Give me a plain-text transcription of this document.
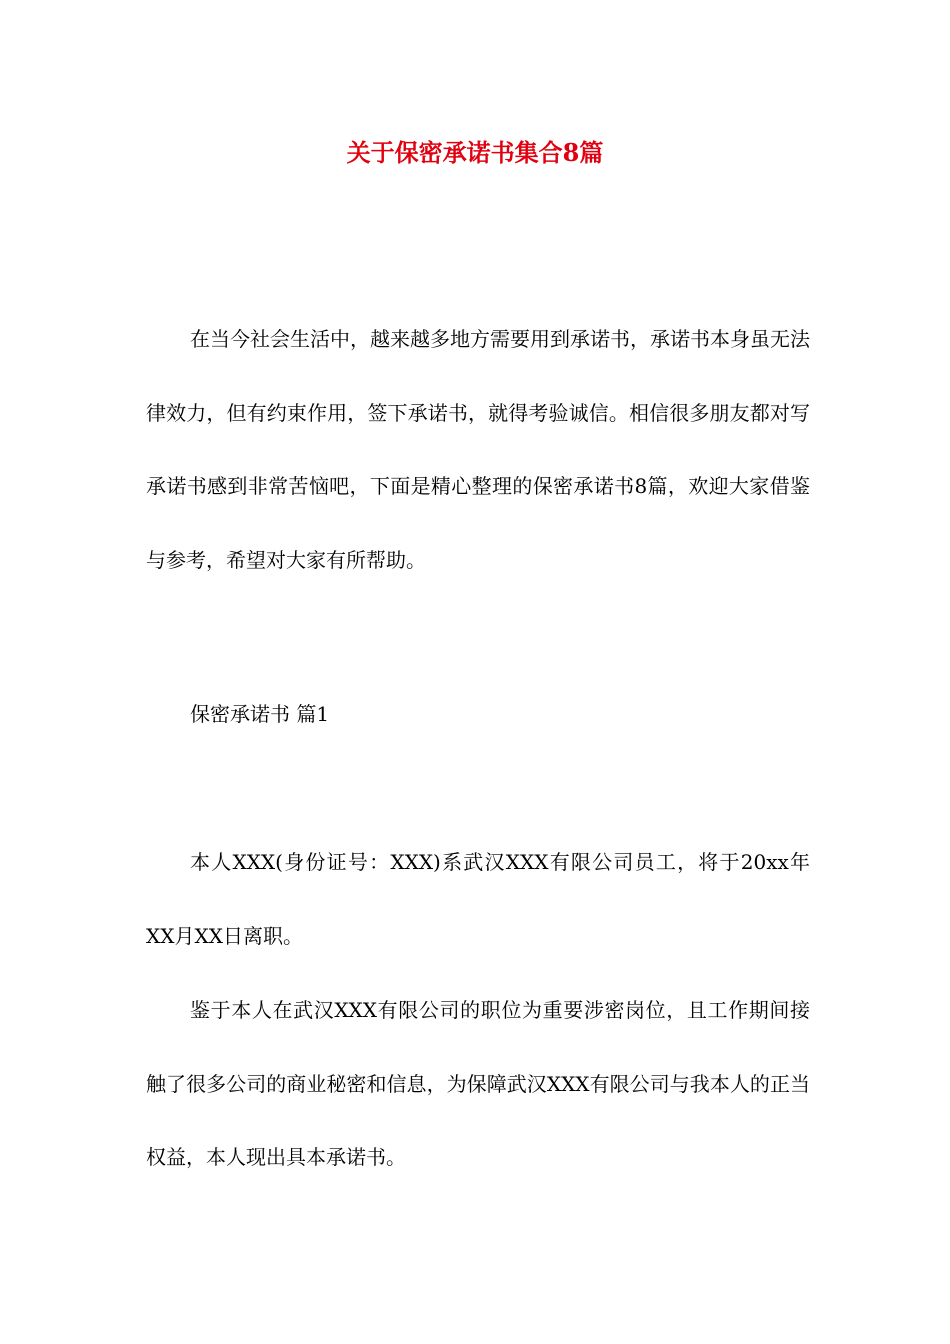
关于保密承诺书集合8篇

在当今社会生活中，越来越多地方需要用到承诺书，承诺书本身虽无法律效力，但有约束作用，签下承诺书，就得考验诚信。相信很多朋友都对写承诺书感到非常苦恼吧，下面是精心整理的保密承诺书8篇，欢迎大家借鉴与参考，希望对大家有所帮助。

保密承诺书 篇1

本人XXX(身份证号：XXX)系武汉XXX有限公司员工，将于20xx年XX月XX日离职。

鉴于本人在武汉XXX有限公司的职位为重要涉密岗位，且工作期间接触了很多公司的商业秘密和信息，为保障武汉XXX有限公司与我本人的正当权益，本人现出具本承诺书。
